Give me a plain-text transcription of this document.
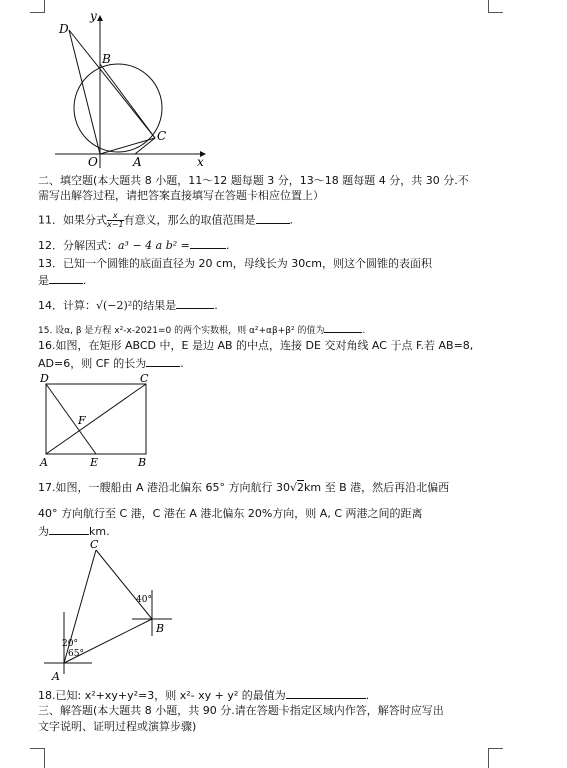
y
D
B
C
O	A	x
二、填空题(本大题共 8 小题，11～12 题每题 3 分，13～18 题每题 4 分，共 30 分.不
需写出解答过程，请把答案直接填写在答题卡相应位置上）
11．如果分式 $\frac{x}{x-1}$ 有意义，那么的取值范围是	.
12．分解因式：a³ − 4 a b² =	.
13．已知一个圆锥的底面直径为 20 cm，母线长为 30cm，则这个圆锥的表面积
是	.
14．计算：√(−2)²的结果是	.
15. 设α, β 是方程 x²-x-2021=0 的两个实数根，则 α²+αβ+β² 的值为	.
16.如图，在矩形 ABCD 中，E 是边 AB 的中点，连接 DE 交对角线 AC 于点 F.若 AB=8,
AD=6，则 CF 的长为	.
D	C
F
A	E	B
17.如图，一艘船由 A 港沿北偏东 65° 方向航行 30√2km 至 B 港，然后再沿北偏西
40° 方向航行至 C 港，C 港在 A 港北偏东 20%方向，则 A, C 两港之间的距离
为	km.
C
40°
B
20°
65°
A
18.已知: x²+xy+y²=3，则 x²- xy + y² 的最值为	.
三、解答题(本大题共 8 小题，共 90 分.请在答题卡指定区域内作答，解答时应写出
文字说明、证明过程或演算步骤)
